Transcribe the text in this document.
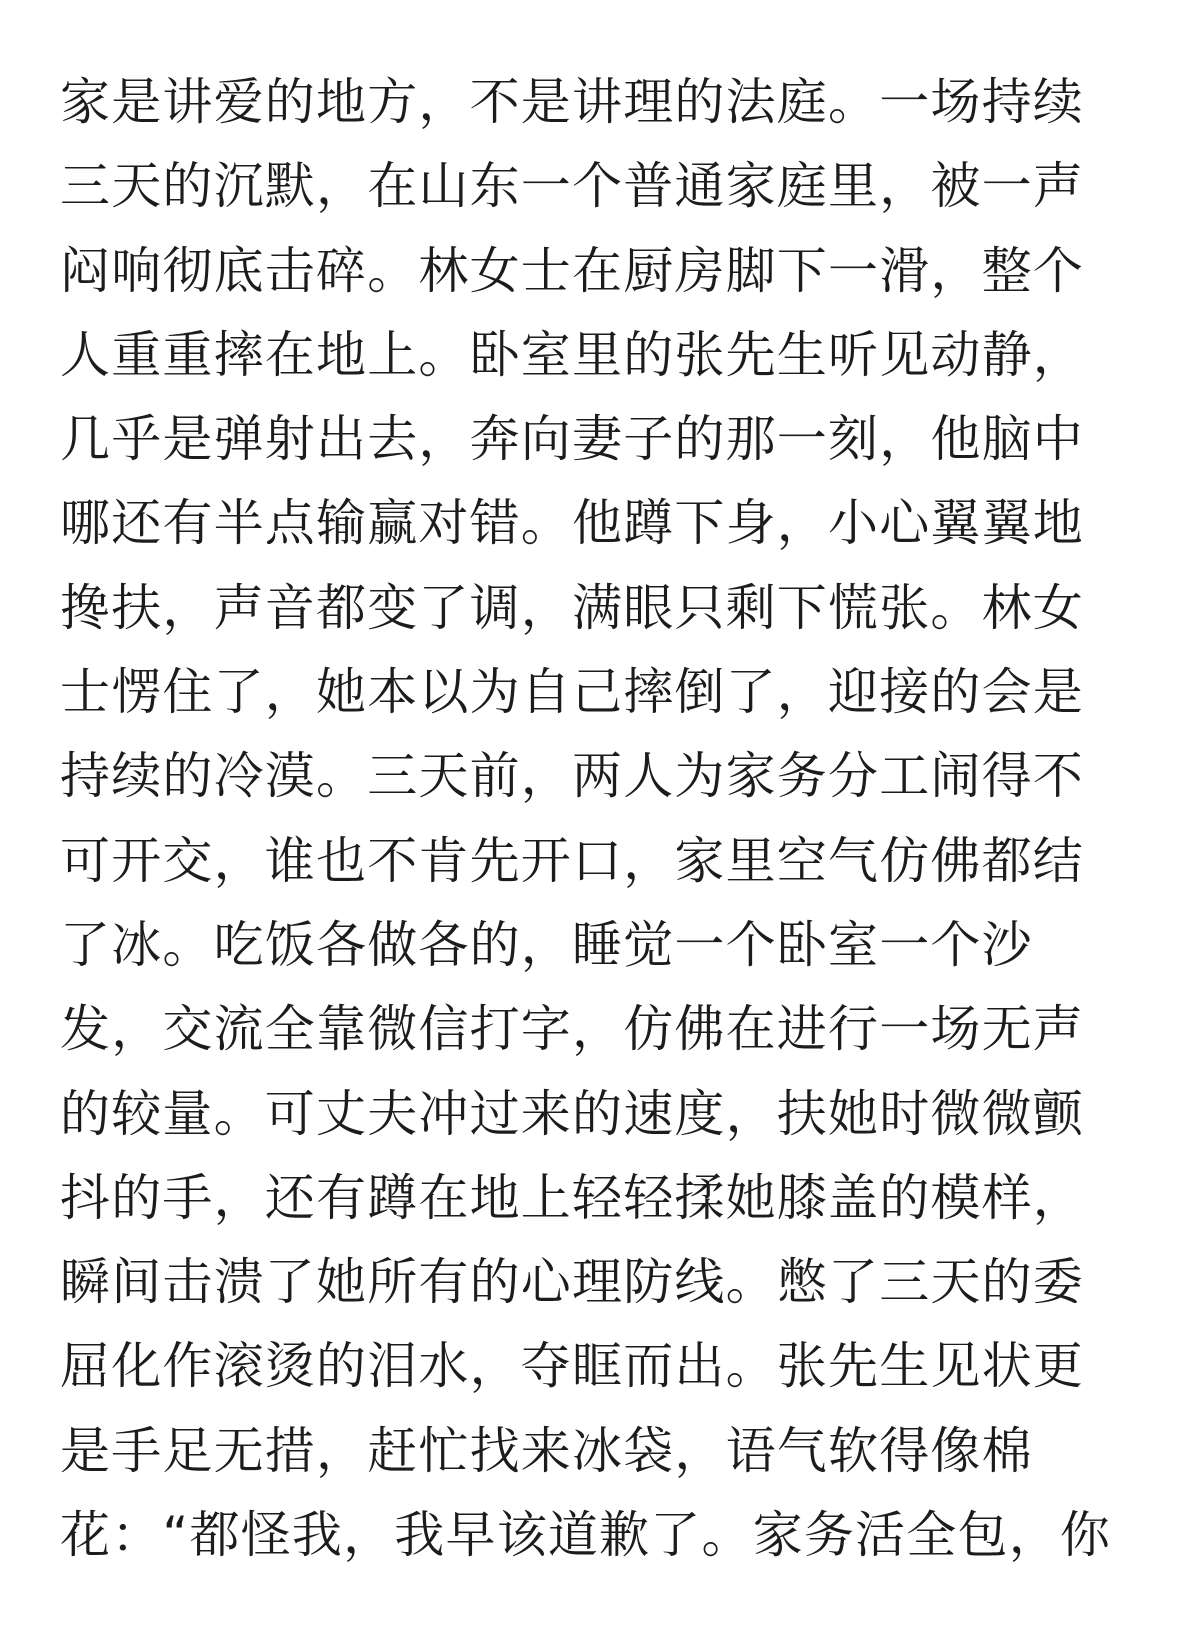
家是讲爱的地方，不是讲理的法庭。一场持续
三天的沉默，在山东一个普通家庭里，被一声
闷响彻底击碎。林女士在厨房脚下一滑，整个
人重重摔在地上。卧室里的张先生听见动静，
几乎是弹射出去，奔向妻子的那一刻，他脑中
哪还有半点输赢对错。他蹲下身，小心翼翼地
搀扶，声音都变了调，满眼只剩下慌张。林女
士愣住了，她本以为自己摔倒了，迎接的会是
持续的冷漠。三天前，两人为家务分工闹得不
可开交，谁也不肯先开口，家里空气仿佛都结
了冰。吃饭各做各的，睡觉一个卧室一个沙
发，交流全靠微信打字，仿佛在进行一场无声
的较量。可丈夫冲过来的速度，扶她时微微颤
抖的手，还有蹲在地上轻轻揉她膝盖的模样，
瞬间击溃了她所有的心理防线。憋了三天的委
屈化作滚烫的泪水，夺眶而出。张先生见状更
是手足无措，赶忙找来冰袋，语气软得像棉
花：“都怪我，我早该道歉了。家务活全包，你
